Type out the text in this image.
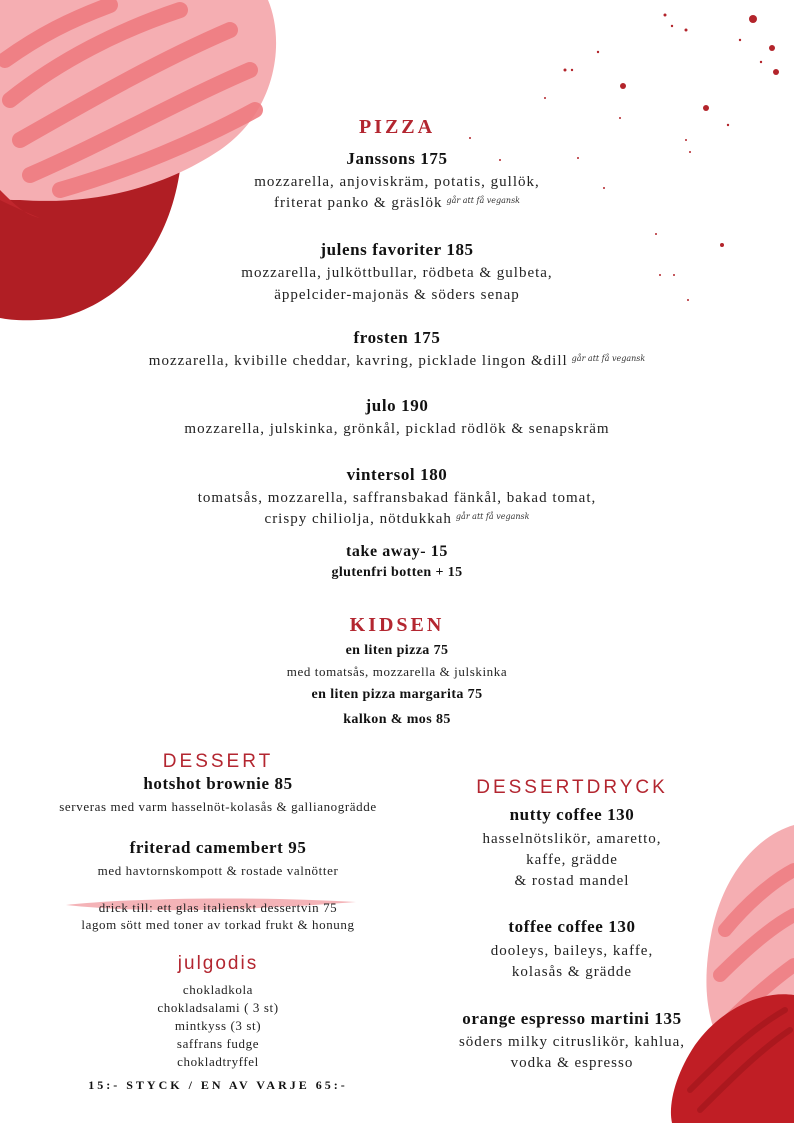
PIZZA
Janssons 175
mozzarella, anjoviskräm, potatis, gullök,
friterat panko & gräslök $^{går att få vegansk}$
julens favoriter 185
mozzarella, julköttbullar, rödbeta & gulbeta,
äppelcider-majonäs & söders senap
frosten 175
mozzarella, kvibille cheddar, kavring, picklade lingon &dill $^{går att få vegansk}$
julo 190
mozzarella, julskinka, grönkål, picklad rödlök & senapskräm
vintersol 180
tomatsås, mozzarella, saffransbakad fänkål, bakad tomat,
crispy chiliolja, nötdukkah $^{går att få vegansk}$
take away- 15
glutenfri botten + 15
KIDSEN
en liten pizza 75
med tomatsås, mozzarella & julskinka
en liten pizza margarita 75
kalkon & mos 85
DESSERT
hotshot brownie 85
serveras med varm hasselnöt-kolasås & gallianogrädde
friterad camembert 95
med havtornskompott & rostade valnötter
drick till: ett glas italienskt dessertvin 75
lagom sött med toner av torkad frukt & honung
julgodis
chokladkola
chokladsalami ( 3 st)
mintkyss (3 st)
saffrans fudge
chokladtryffel
15:- STYCK / EN AV VARJE 65:-
DESSERTDRYCK
nutty coffee 130
hasselnötslikör, amaretto,
kaffe, grädde
& rostad mandel
toffee coffee 130
dooleys, baileys, kaffe,
kolasås & grädde
orange espresso martini 135
söders milky citruslikör, kahlua,
vodka & espresso
